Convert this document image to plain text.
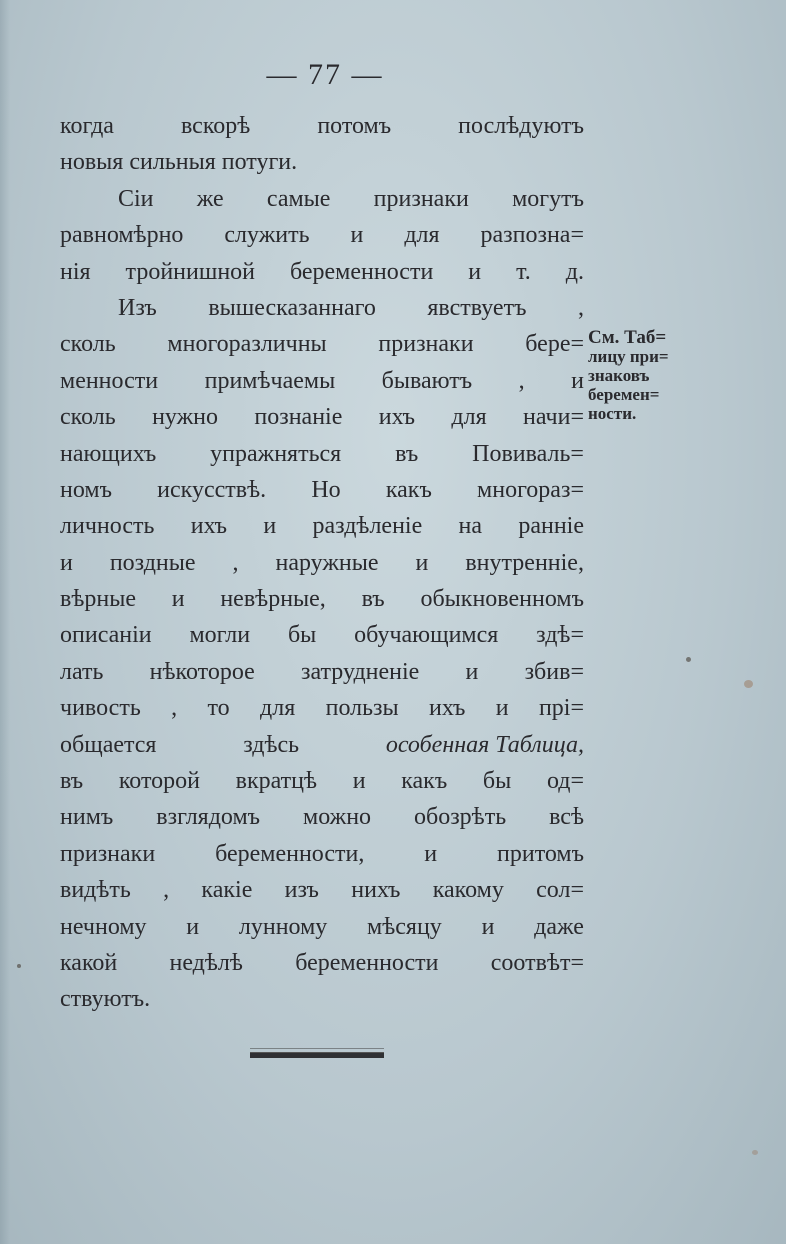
— 77 —
когда	вскорѣ	потомъ	послѣдуютъ
новыя сильныя потуги.
Сіи же самые признаки могутъ
равномѣрно служить и для разпозна=
нія тройнишной беременности и т. д.
Изъ вышесказаннаго явствуетъ ,
сколь многоразличны признаки бере=
менности примѣчаемы бываютъ , и
сколь нужно познаніе ихъ для начи=
нающихъ упражняться въ Повиваль=
номъ искусствѣ. Но какъ многораз=
личность ихъ и раздѣленіе на ранніе
и поздные , наружные и внутренніе,
вѣрные и невѣрные, въ обыкновенномъ
описаніи могли бы обучающимся здѣ=
лать нѣкоторое затрудненіе и збив=
чивость , то для пользы ихъ и прі=
общается	здѣсь	особенная Таблица,
въ которой вкратцѣ и какъ бы од=
нимъ взглядомъ можно обозрѣть всѣ
признаки беременности, и притомъ
видѣть , какіе изъ нихъ какому сол=
нечному и лунному мѣсяцу и даже
какой недѣлѣ беременности соотвѣт=
ствуютъ.
См. Таб=
лицу при=
знаковъ
беремен=
ности.
